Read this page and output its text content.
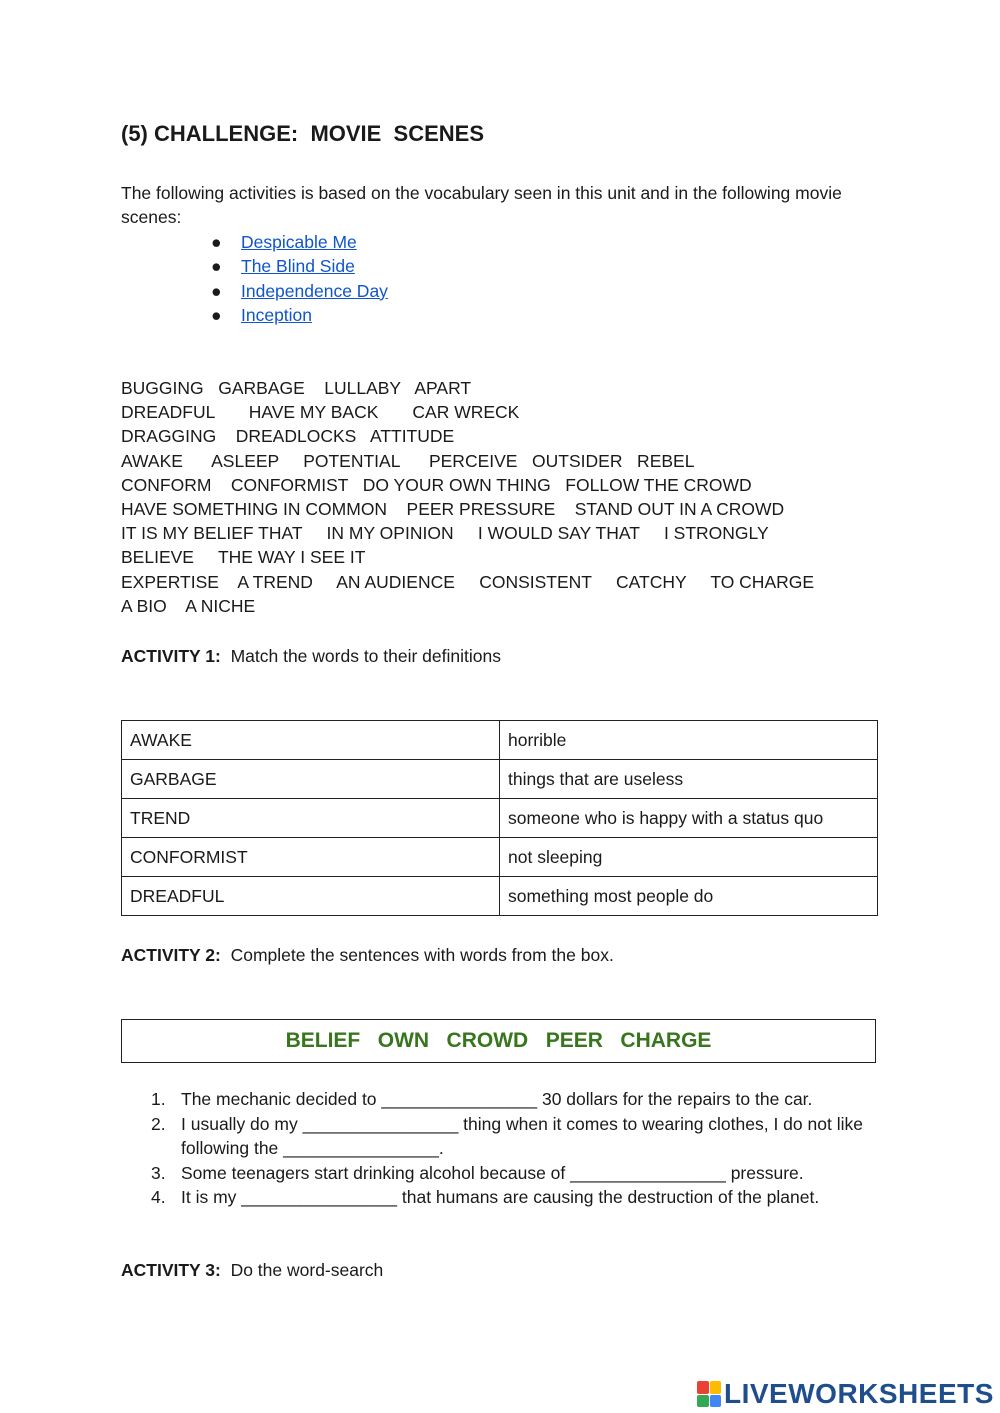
(5) CHALLENGE:  MOVIE  SCENES
The following activities is based on the vocabulary seen in this unit and in the following movie scenes:
● Despicable Me
● The Blind Side
● Independence Day
● Inception
BUGGING   GARBAGE    LULLABY   APART
DREADFUL       HAVE MY BACK       CAR WRECK
DRAGGING    DREADLOCKS   ATTITUDE
AWAKE      ASLEEP     POTENTIAL      PERCEIVE   OUTSIDER   REBEL
CONFORM    CONFORMIST   DO YOUR OWN THING   FOLLOW THE CROWD
HAVE SOMETHING IN COMMON    PEER PRESSURE    STAND OUT IN A CROWD
IT IS MY BELIEF THAT     IN MY OPINION     I WOULD SAY THAT     I STRONGLY
BELIEVE     THE WAY I SEE IT
EXPERTISE    A TREND     AN AUDIENCE     CONSISTENT     CATCHY     TO CHARGE
A BIO    A NICHE
ACTIVITY 1:  Match the words to their definitions
AWAKE	horrible
GARBAGE	things that are useless
TREND	someone who is happy with a status quo
CONFORMIST	not sleeping
DREADFUL	something most people do
ACTIVITY 2:  Complete the sentences with words from the box.
BELIEF   OWN   CROWD   PEER   CHARGE
1. The mechanic decided to ________________ 30 dollars for the repairs to the car.
2. I usually do my ________________ thing when it comes to wearing clothes, I do not like following the ________________.
3. Some teenagers start drinking alcohol because of ________________ pressure.
4. It is my ________________ that humans are causing the destruction of the planet.
ACTIVITY 3:  Do the word-search
LIVEWORKSHEETS
